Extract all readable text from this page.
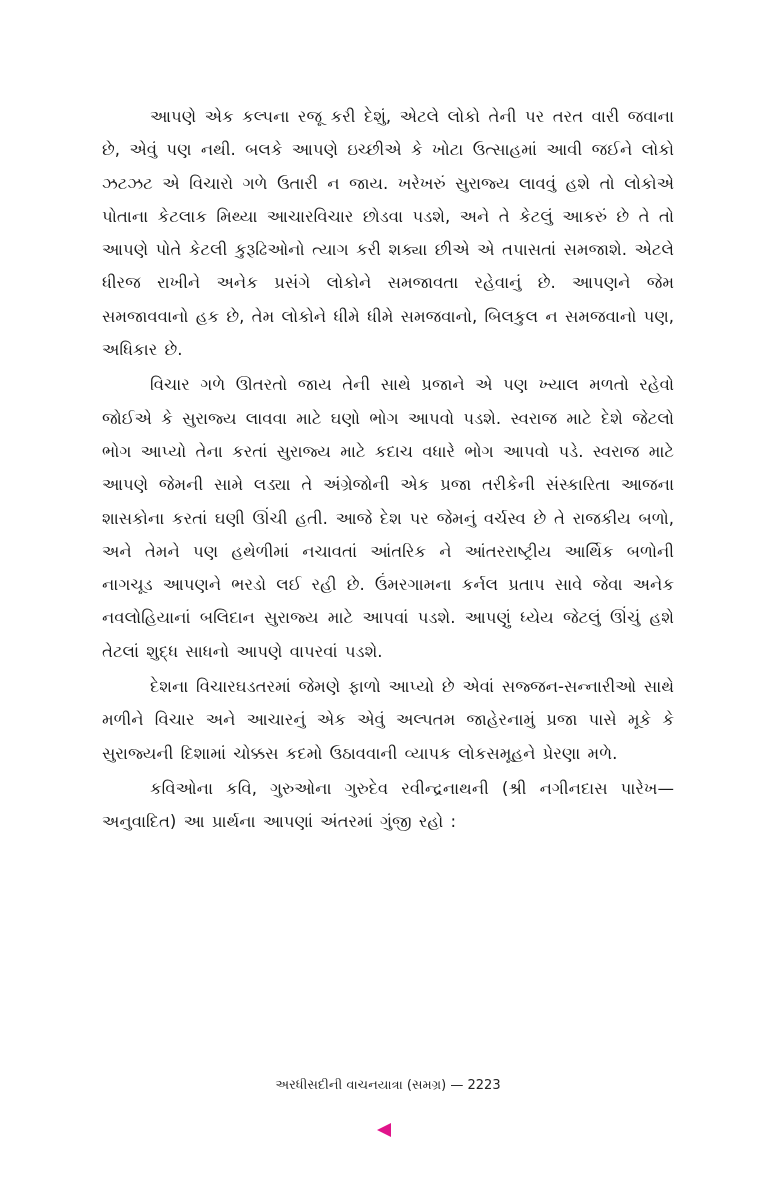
આપણે એક કલ્પના રજૂ કરી દેશું, એટલે લોકો તેની પર તરત વારી જવાના છે, એવું પણ નથી. બલકે આપણે ઇચ્છીએ કે ખોટા ઉત્સાહમાં આવી જઈને લોકો ઝટઝટ એ વિચારો ગળે ઉતારી ન જાય. ખરેખરું સુરાજ્ય લાવવું હશે તો લોકોએ પોતાના કેટલાક મિથ્યા આચારવિચાર છોડવા પડશે, અને તે કેટલું આકરું છે તે તો આપણે પોતે કેટલી કુરૂઢિઓનો ત્યાગ કરી શક્યા છીએ એ તપાસતાં સમજાશે. એટલે ધીરજ રાખીને અનેક પ્રસંગે લોકોને સમજાવતા રહેવાનું છે. આપણને જેમ સમજાવવાનો હક છે, તેમ લોકોને ધીમે ધીમે સમજવાનો, બિલકુલ ન સમજવાનો પણ, અધિકાર છે.

વિચાર ગળે ઊતરતો જાય તેની સાથે પ્રજાને એ પણ ખ્યાલ મળતો રહેવો જોઈએ કે સુરાજ્ય લાવવા માટે ઘણો ભોગ આપવો પડશે. સ્વરાજ માટે દેશે જેટલો ભોગ આપ્યો તેના કરતાં સુરાજ્ય માટે કદાચ વધારે ભોગ આપવો પડે. સ્વરાજ માટે આપણે જેમની સામે લડ્યા તે અંગ્રેજોની એક પ્રજા તરીકેની સંસ્કારિતા આજના શાસકોના કરતાં ઘણી ઊંચી હતી. આજે દેશ પર જેમનું વર્ચસ્વ છે તે રાજકીય બળો, અને તેમને પણ હથેળીમાં નચાવતાં આંતરિક ને આંતરરાષ્ટ્રીય આર્થિક બળોની નાગચૂડ આપણને ભરડો લઈ રહી છે. ઉંમરગામના કર્નલ પ્રતાપ સાવે જેવા અનેક નવલોહિયાનાં બલિદાન સુરાજ્ય માટે આપવાં પડશે. આપણું ધ્યેય જેટલું ઊંચું હશે તેટલાં શુદ્ધ સાધનો આપણે વાપરવાં પડશે.

દેશના વિચારઘડતરમાં જેમણે ફાળો આપ્યો છે એવાં સજ્જન-સન્નારીઓ સાથે મળીને વિચાર અને આચારનું એક એવું અલ્પતમ જાહેરનામું પ્રજા પાસે મૂકે કે સુરાજ્યની દિશામાં ચોક્કસ કદમો ઉઠાવવાની વ્યાપક લોકસમૂહને પ્રેરણા મળે.

કવિઓના કવિ, ગુરુઓના ગુરુદેવ રવીન્દ્રનાથની (શ્રી નગીનદાસ પારેખ—અનુવાદિત) આ પ્રાર્થના આપણાં અંતરમાં ગુંજી રહો :

અરધીસદીની વાચનયાત્રા (સમગ્ર) — 2223
